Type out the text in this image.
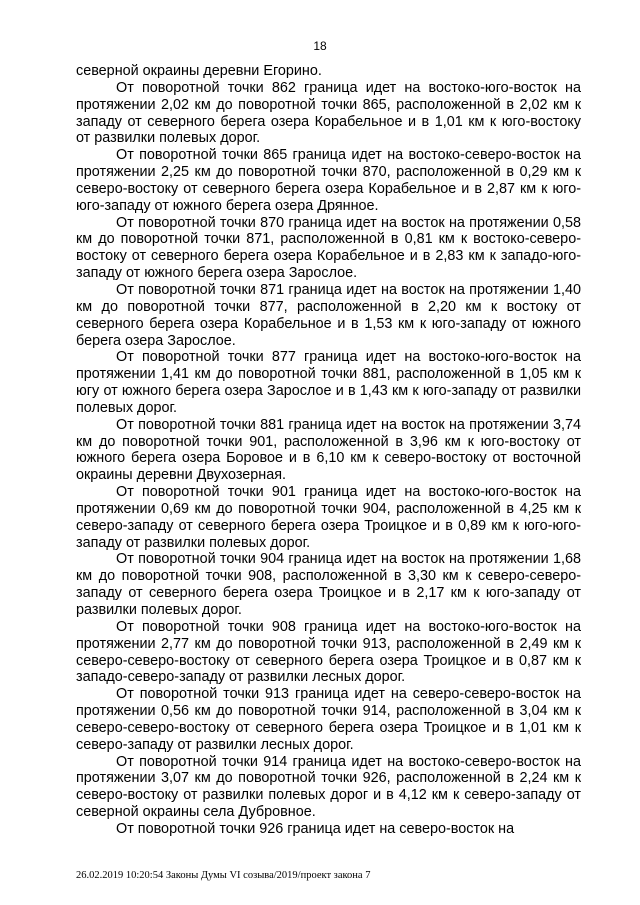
18

северной окраины деревни Егорино.

От поворотной точки 862 граница идет на востоко-юго-восток на протяжении 2,02 км до поворотной точки 865, расположенной в 2,02 км к западу от северного берега озера Корабельное и в 1,01 км к юго-востоку от развилки полевых дорог.

От поворотной точки 865 граница идет на востоко-северо-восток на протяжении 2,25 км до поворотной точки 870, расположенной в 0,29 км к северо-востоку от северного берега озера Корабельное и в 2,87 км к юго-юго-западу от южного берега озера Дрянное.

От поворотной точки 870 граница идет на восток на протяжении 0,58 км до поворотной точки 871, расположенной в 0,81 км к востоко-северо-востоку от северного берега озера Корабельное и в 2,83 км к западо-юго-западу от южного берега озера Заpослое.

От поворотной точки 871 граница идет на восток на протяжении 1,40 км до поворотной точки 877, расположенной в 2,20 км к востоку от северного берега озера Корабельное и в 1,53 км к юго-западу от южного берега озера Заpослое.

От поворотной точки 877 граница идет на востоко-юго-восток на протяжении 1,41 км до поворотной точки 881, расположенной в 1,05 км к югу от южного берега озера Заpослое и в 1,43 км к юго-западу от развилки полевых дорог.

От поворотной точки 881 граница идет на восток на протяжении 3,74 км до поворотной точки 901, расположенной в 3,96 км к юго-востоку от южного берега озера Боровое и в 6,10 км к северо-востоку от восточной окраины деревни Двухозерная.

От поворотной точки 901 граница идет на востоко-юго-восток на протяжении 0,69 км до поворотной точки 904, расположенной в 4,25 км к северо-западу от северного берега озера Троицкое и в 0,89 км к юго-юго-западу от развилки полевых дорог.

От поворотной точки 904 граница идет на восток на протяжении 1,68 км до поворотной точки 908, расположенной в 3,30 км к северо-северо-западу от северного берега озера Троицкое и в 2,17 км к юго-западу от развилки полевых дорог.

От поворотной точки 908 граница идет на востоко-юго-восток на протяжении 2,77 км до поворотной точки 913, расположенной в 2,49 км к северо-северо-востоку от северного берега озера Троицкое и в 0,87 км к западо-северо-западу от развилки лесных дорог.

От поворотной точки 913 граница идет на северо-северо-восток на протяжении 0,56 км до поворотной точки 914, расположенной в 3,04 км к северо-северо-востоку от северного берега озера Троицкое и в 1,01 км к северо-западу от развилки лесных дорог.

От поворотной точки 914 граница идет на востоко-северо-восток на протяжении 3,07 км до поворотной точки 926, расположенной в 2,24 км к северо-востоку от развилки полевых дорог и в 4,12 км к северо-западу от северной окраины села Дубровное.

От поворотной точки 926 граница идет на северо-восток на

26.02.2019 10:20:54 Законы Думы VI созыва/2019/проект закона 7
